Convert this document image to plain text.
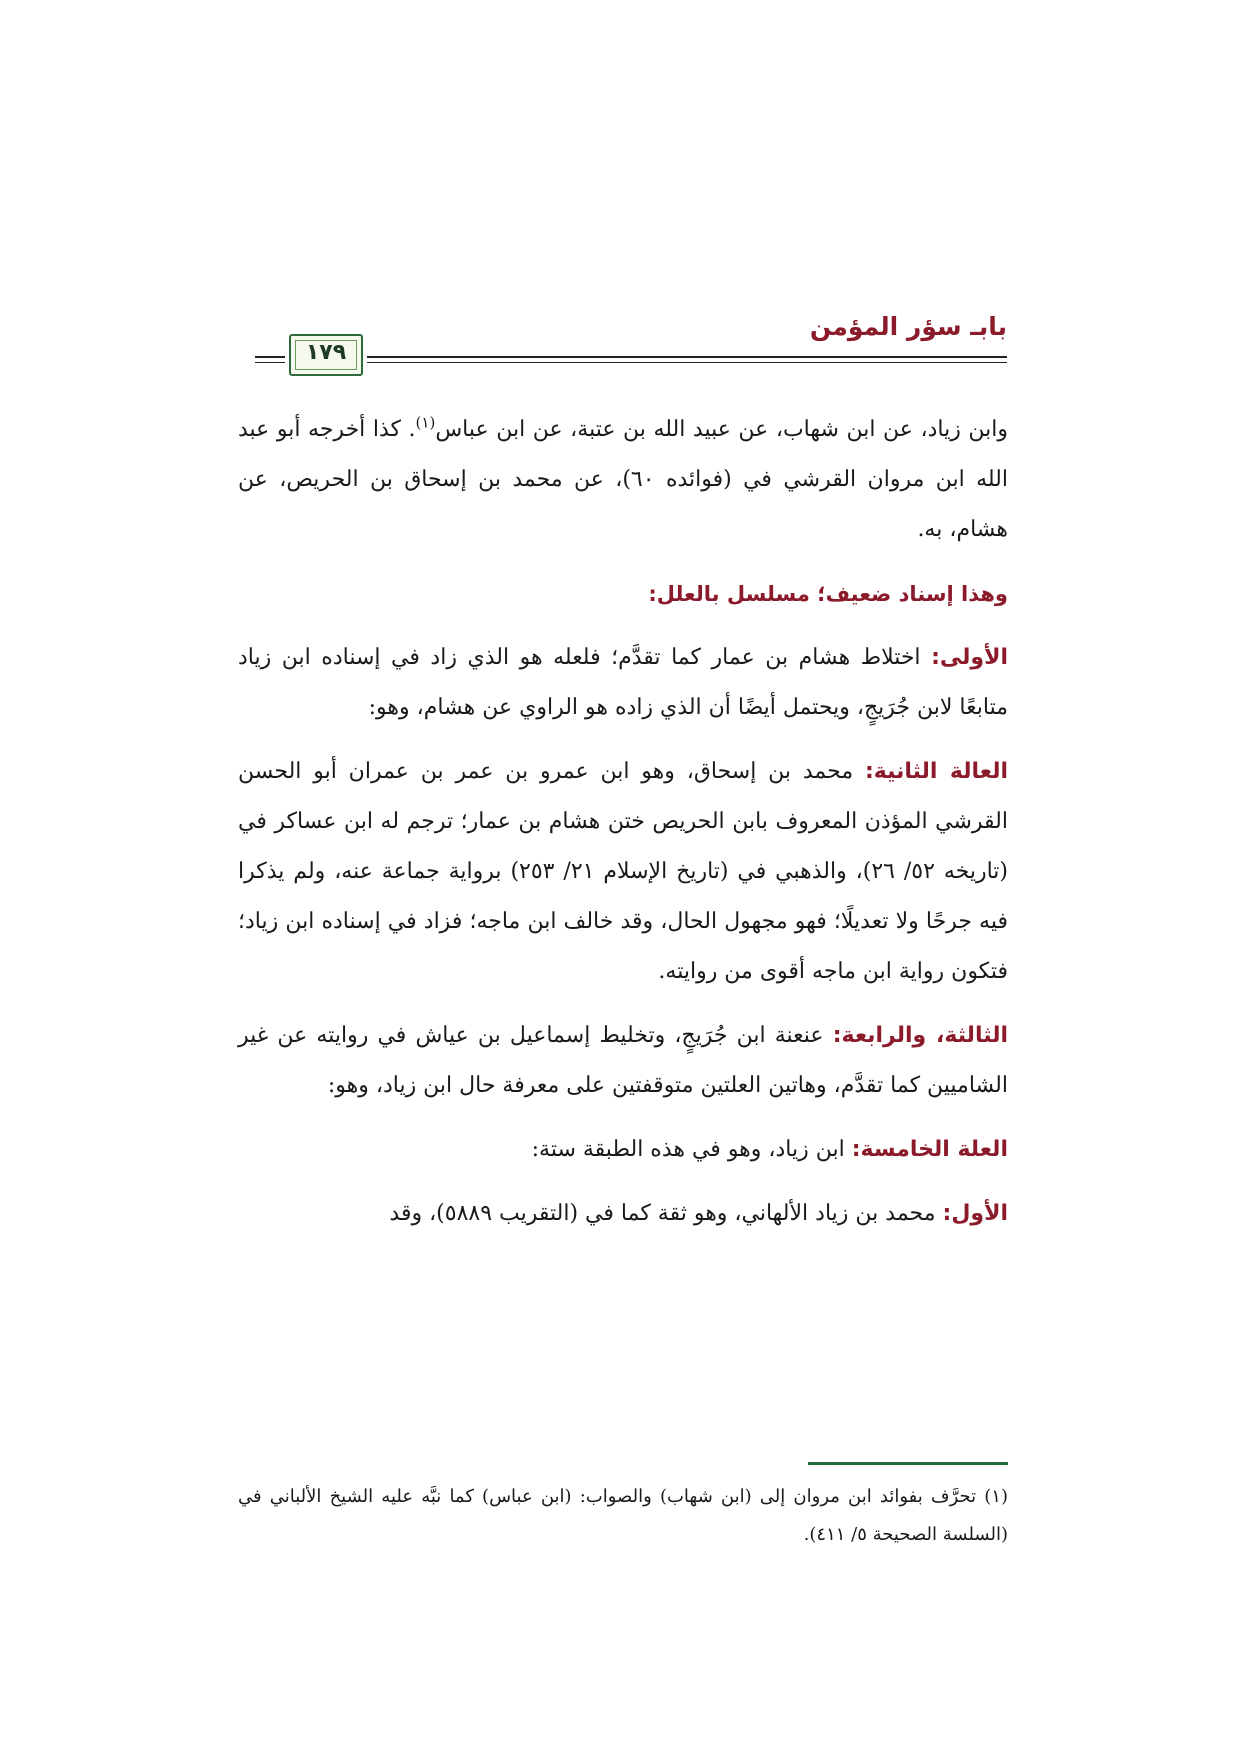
بابـ سؤر المؤمن
١٧٩

وابن زياد، عن ابن شهاب، عن عبيد الله بن عتبة، عن ابن عباس$^{(١)}$. كذا أخرجه أبو عبد الله ابن مروان القرشي في (فوائده ٦٠)، عن محمد بن إسحاق بن الحريص، عن هشام، به.

وهذا إسناد ضعيف؛ مسلسل بالعلل:

الأولى: اختلاط هشام بن عمار كما تقدَّم؛ فلعله هو الذي زاد في إسناده ابن زياد متابعًا لابن جُرَيجٍ، ويحتمل أيضًا أن الذي زاده هو الراوي عن هشام، وهو:

العالة الثانية: محمد بن إسحاق، وهو ابن عمرو بن عمر بن عمران أبو الحسن القرشي المؤذن المعروف بابن الحريص ختن هشام بن عمار؛ ترجم له ابن عساكر في (تاريخه ٥٢/ ٢٦)، والذهبي في (تاريخ الإسلام ٢١/ ٢٥٣) برواية جماعة عنه، ولم يذكرا فيه جرحًا ولا تعديلًا؛ فهو مجهول الحال، وقد خالف ابن ماجه؛ فزاد في إسناده ابن زياد؛ فتكون رواية ابن ماجه أقوى من روايته.

الثالثة، والرابعة: عنعنة ابن جُرَيجٍ، وتخليط إسماعيل بن عياش في روايته عن غير الشاميين كما تقدَّم، وهاتين العلتين متوقفتين على معرفة حال ابن زياد، وهو:

العلة الخامسة: ابن زياد، وهو في هذه الطبقة ستة:

الأول: محمد بن زياد الألهاني، وهو ثقة كما في (التقريب ٥٨٨٩)، وقد

(١) تحرَّف بفوائد ابن مروان إلى (ابن شهاب) والصواب: (ابن عباس) كما نبَّه عليه الشيخ الألباني في (السلسة الصحيحة ٥/ ٤١١).
